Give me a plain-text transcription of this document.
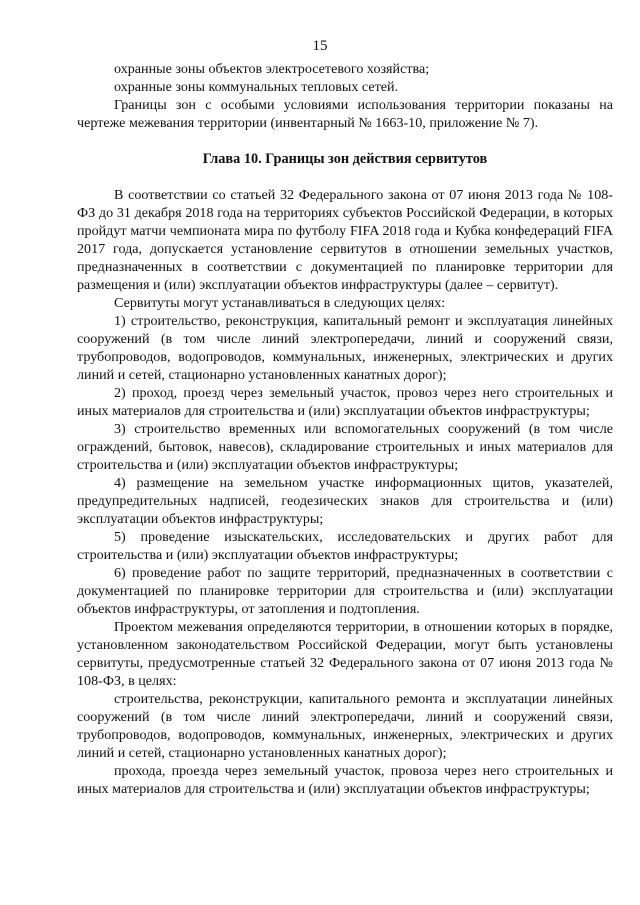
15

охранные зоны объектов электросетевого хозяйства;

охранные зоны коммунальных тепловых сетей.

Границы зон с особыми условиями использования территории показаны на чертеже межевания территории (инвентарный № 1663-10, приложение № 7).

Глава 10. Границы зон действия сервитутов

В соответствии со статьей 32 Федерального закона от 07 июня 2013 года № 108-ФЗ до 31 декабря 2018 года на территориях субъектов Российской Федерации, в которых пройдут матчи чемпионата мира по футболу FIFA 2018 года и Кубка конфедераций FIFA 2017 года, допускается установление сервитутов в отношении земельных участков, предназначенных в соответствии с документацией по планировке территории для размещения и (или) эксплуатации объектов инфраструктуры (далее – сервитут).

Сервитуты могут устанавливаться в следующих целях:

1) строительство, реконструкция, капитальный ремонт и эксплуатация линейных сооружений (в том числе линий электропередачи, линий и сооружений связи, трубопроводов, водопроводов, коммунальных, инженерных, электрических и других линий и сетей, стационарно установленных канатных дорог);

2) проход, проезд через земельный участок, провоз через него строительных и иных материалов для строительства и (или) эксплуатации объектов инфраструктуры;

3) строительство временных или вспомогательных сооружений (в том числе ограждений, бытовок, навесов), складирование строительных и иных материалов для строительства и (или) эксплуатации объектов инфраструктуры;

4) размещение на земельном участке информационных щитов, указателей, предупредительных надписей, геодезических знаков для строительства и (или) эксплуатации объектов инфраструктуры;

5) проведение изыскательских, исследовательских и других работ для строительства и (или) эксплуатации объектов инфраструктуры;

6) проведение работ по защите территорий, предназначенных в соответствии с документацией по планировке территории для строительства и (или) эксплуатации объектов инфраструктуры, от затопления и подтопления.

Проектом межевания определяются территории, в отношении которых в порядке, установленном законодательством Российской Федерации, могут быть установлены сервитуты, предусмотренные статьей 32 Федерального закона от 07 июня 2013 года № 108-ФЗ, в целях:

строительства, реконструкции, капитального ремонта и эксплуатации линейных сооружений (в том числе линий электропередачи, линий и сооружений связи, трубопроводов, водопроводов, коммунальных, инженерных, электрических и других линий и сетей, стационарно установленных канатных дорог);

прохода, проезда через земельный участок, провоза через него строительных и иных материалов для строительства и (или) эксплуатации объектов инфраструктуры;
